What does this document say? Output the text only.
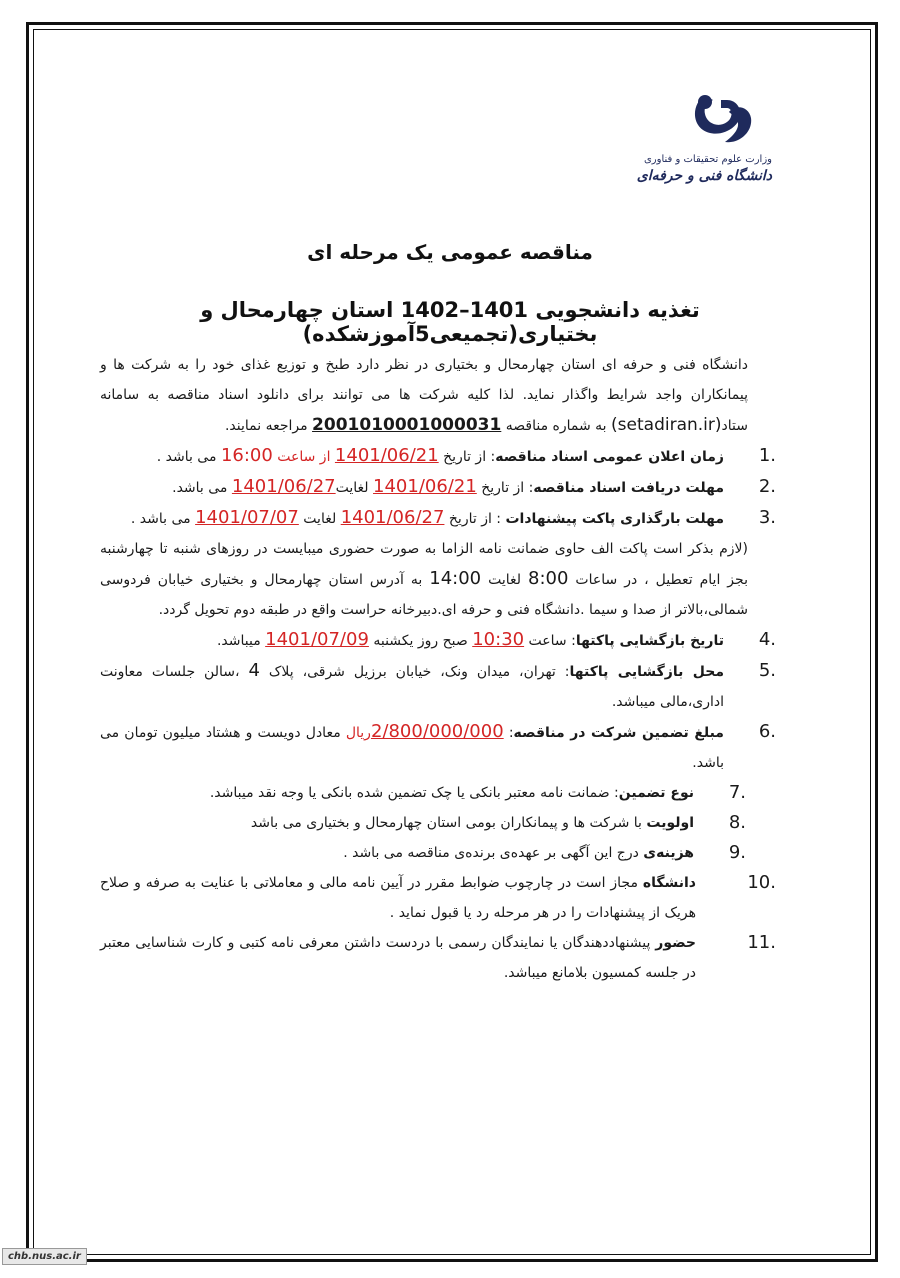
وزارت علوم تحقیقات و فناوری
دانشگاه فنی و حرفه‌ای
مناقصه عمومی یک مرحله ای
تغذیه دانشجویی 1401–1402 استان چهارمحال و بختیاری(تجمیعی5آموزشکده)

دانشگاه فنی و حرفه ای استان چهارمحال و بختیاری در نظر دارد طبخ و توزیع غذای خود را به شرکت ها و پیمانکاران واجد شرایط واگذار نماید. لذا کلیه شرکت ها می توانند برای دانلود اسناد مناقصه به سامانه ستاد(setadiran.ir) به شماره مناقصه 2001010001000031 مراجعه نمایند.

1.
زمان اعلان عمومی اسناد مناقصه: از تاریخ 1401/06/21 از ساعت 16:00 می باشد .

2.
مهلت دریافت اسناد مناقصه: از تاریخ 1401/06/21 لغایت1401/06/27 می باشد.

3.
مهلت بارگذاری پاکت پیشنهادات : از تاریخ 1401/06/27 لغایت 1401/07/07 می باشد .

(لازم بذکر است پاکت الف حاوی ضمانت نامه الزاما به صورت حضوری میبایست در روزهای شنبه تا چهارشنبه بجز ایام تعطیل ، در ساعات 8:00 لغایت 14:00 به آدرس استان چهارمحال و بختیاری خیابان فردوسی شمالی،بالاتر از صدا و سیما .دانشگاه فنی و حرفه ای.دبیرخانه حراست واقع در طبقه دوم تحویل گردد.

4.
تاریخ بازگشایی پاکتها: ساعت 10:30 صبح روز یکشنبه 1401/07/09 میباشد.

5.
محل بازگشایی پاکتها: تهران، میدان ونک، خیابان برزیل شرقی، پلاک 4 ،سالن جلسات معاونت اداری،مالی میباشد.

6.
مبلغ تضمین شرکت در مناقصه: 2/800/000/000ریال معادل دویست و هشتاد میلیون تومان می باشد.

7.
نوع تضمین: ضمانت نامه معتبر بانکی یا چک تضمین شده بانکی یا وجه نقد میباشد.

8.
اولویت با شرکت ها و پیمانکاران بومی استان چهارمحال و بختیاری می باشد

9.
هزینه‌ی درج این آگهی بر عهده‌ی برنده‌ی مناقصه می باشد .

10.
دانشگاه مجاز است در چارچوب ضوابط مقرر در آیین نامه مالی و معاملاتی با عنایت به صرفه و صلاح هریک از پیشنهادات را در هر مرحله رد یا قبول نماید .

11.
حضور پیشنهاددهندگان یا نمایندگان رسمی با دردست داشتن معرفی نامه کتبی و کارت شناسایی معتبر در جلسه کمسیون بلامانع میباشد.

chb.nus.ac.ir
